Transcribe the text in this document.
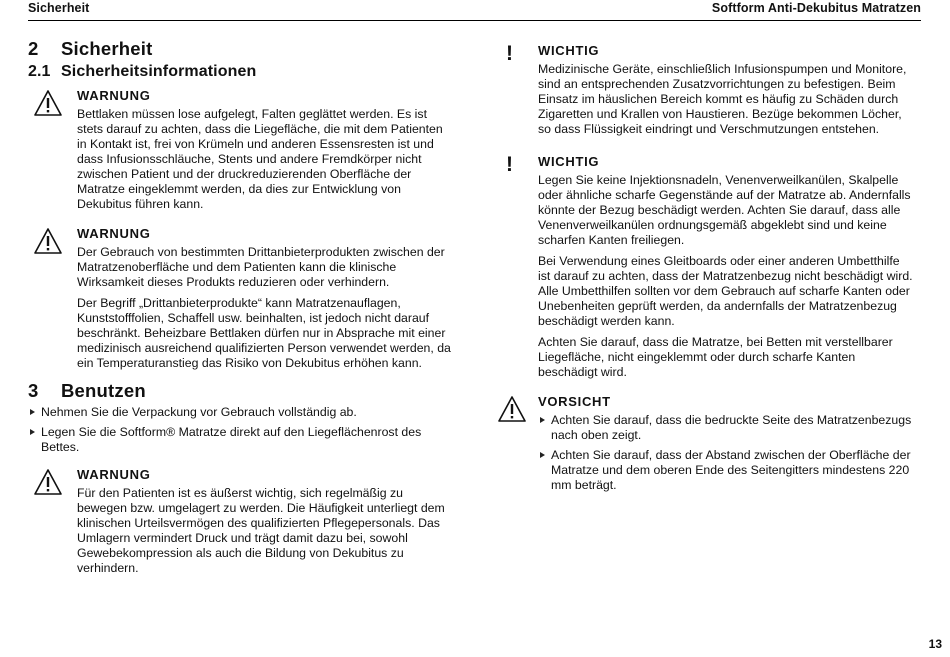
Sicherheit	Softform Anti-Dekubitus Matratzen
2 Sicherheit
2.1 Sicherheitsinformationen
WARNUNG

Bettlaken müssen lose aufgelegt, Falten geglättet werden. Es ist stets darauf zu achten, dass die Liegefläche, die mit dem Patienten in Kontakt ist, frei von Krümeln und anderen Essensresten ist und dass Infusionsschläuche, Stents und andere Fremdkörper nicht zwischen Patient und der druckreduzierenden Oberfläche der Matratze eingeklemmt werden, da dies zur Entwicklung von Dekubitus führen kann.

WARNUNG

Der Gebrauch von bestimmten Drittanbieterprodukten zwischen der Matratzenoberfläche und dem Patienten kann die klinische Wirksamkeit dieses Produkts reduzieren oder verhindern.

Der Begriff „Drittanbieterprodukte“ kann Matratzenauflagen, Kunststofffolien, Schaffell usw. beinhalten, ist jedoch nicht darauf beschränkt. Beheizbare Bettlaken dürfen nur in Absprache mit einer medizinisch ausreichend qualifizierten Person verwendet werden, da ein Temperaturanstieg das Risiko von Dekubitus erhöhen kann.

3 Benutzen
Nehmen Sie die Verpackung vor Gebrauch vollständig ab.
Legen Sie die Softform® Matratze direkt auf den Liegeflächenrost des Bettes.
WARNUNG

Für den Patienten ist es äußerst wichtig, sich regelmäßig zu bewegen bzw. umgelagert zu werden. Die Häufigkeit unterliegt dem klinischen Urteilsvermögen des qualifizierten Pflegepersonals. Das Umlagern vermindert Druck und trägt damit dazu bei, sowohl Gewebekompression als auch die Bildung von Dekubitus zu verhindern.

! WICHTIG

Medizinische Geräte, einschließlich Infusionspumpen und Monitore, sind an entsprechenden Zusatzvorrichtungen zu befestigen. Beim Einsatz im häuslichen Bereich kommt es häufig zu Schäden durch Zigaretten und Krallen von Haustieren. Bezüge bekommen Löcher, so dass Flüssigkeit eindringt und Verschmutzungen entstehen.

! WICHTIG

Legen Sie keine Injektionsnadeln, Venenverweilkanülen, Skalpelle oder ähnliche scharfe Gegenstände auf der Matratze ab. Andernfalls könnte der Bezug beschädigt werden. Achten Sie darauf, dass alle Venenverweilkanülen ordnungsgemäß abgeklebt sind und keine scharfen Kanten freiliegen.

Bei Verwendung eines Gleitboards oder einer anderen Umbetthilfe ist darauf zu achten, dass der Matratzenbezug nicht beschädigt wird. Alle Umbetthilfen sollten vor dem Gebrauch auf scharfe Kanten oder Unebenheiten geprüft werden, da andernfalls der Matratzenbezug beschädigt werden kann.

Achten Sie darauf, dass die Matratze, bei Betten mit verstellbarer Liegefläche, nicht eingeklemmt oder durch scharfe Kanten beschädigt wird.

VORSICHT
Achten Sie darauf, dass die bedruckte Seite des Matratzenbezugs nach oben zeigt.
Achten Sie darauf, dass der Abstand zwischen der Oberfläche der Matratze und dem oberen Ende des Seitengitters mindestens 220 mm beträgt.
13
